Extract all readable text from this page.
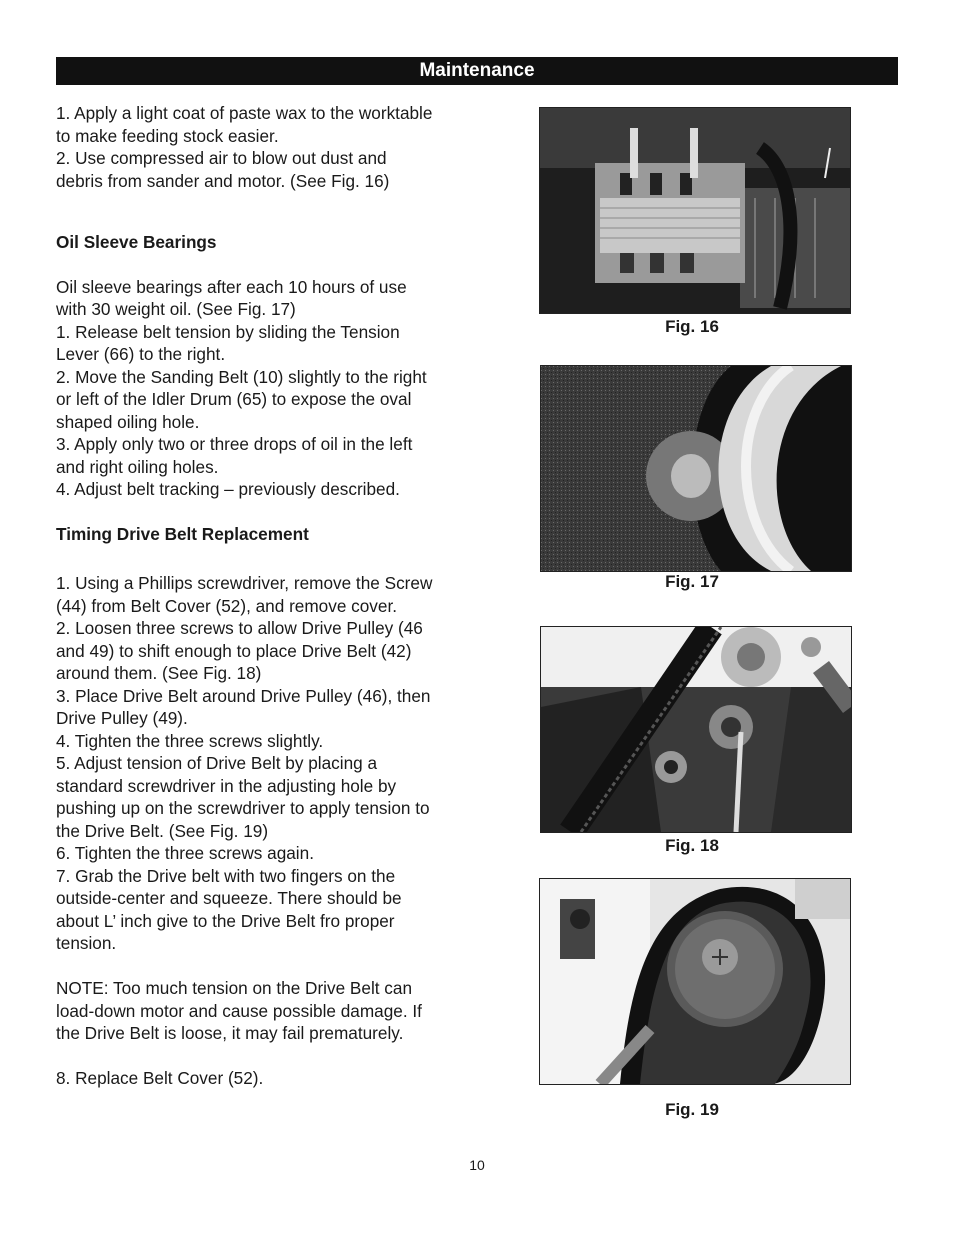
Maintenance

1. Apply a light coat of paste wax to the worktable

to make feeding stock easier.

2. Use compressed air to blow out dust and

debris from sander and motor. (See Fig. 16)

Oil Sleeve Bearings

Oil sleeve bearings after each 10 hours of use

with 30 weight oil. (See Fig. 17)

1. Release belt tension by sliding the Tension

Lever (66) to the right.

2. Move the Sanding Belt (10) slightly to the right

or left of the Idler Drum (65) to expose the oval

shaped oiling hole.

3. Apply only two or three drops of oil in the left

and right oiling holes.

4. Adjust belt tracking – previously described.

Timing Drive Belt Replacement

1. Using a Phillips screwdriver, remove the Screw

(44) from Belt Cover (52), and remove cover.

2. Loosen three screws to allow Drive Pulley (46

and 49) to shift enough to place Drive Belt (42)

around them. (See Fig. 18)

3. Place Drive Belt around Drive Pulley (46), then

Drive Pulley (49).

4. Tighten the three screws slightly.

5. Adjust tension of Drive Belt by placing a

standard screwdriver in the adjusting hole by

pushing up on the screwdriver to apply tension to

the Drive Belt. (See Fig. 19)

6. Tighten the three screws again.

7. Grab the Drive belt with two fingers on the

outside-center and squeeze. There should be

about L’ inch give to the Drive Belt fro proper

tension.

NOTE: Too much tension on the Drive Belt can

load-down motor and cause possible damage. If

the Drive Belt is loose, it may fail prematurely.

8. Replace Belt Cover (52).

Fig. 16
Fig. 17
Fig. 18
Fig. 19
10
